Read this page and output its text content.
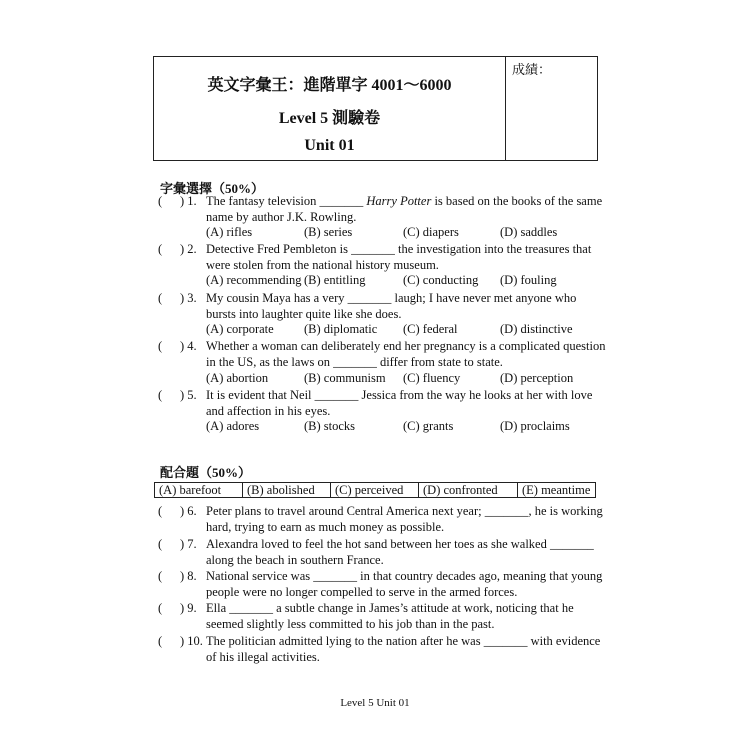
英文字彙王：進階單字 4001～6000
Level 5 測驗卷
Unit 01
成績：
字彙選擇（50%）
( ) 1. The fantasy television _______ Harry Potter is based on the books of the same name by author J.K. Rowling.
(A) rifles	(B) series	(C) diapers	(D) saddles
( ) 2. Detective Fred Pembleton is _______ the investigation into the treasures that were stolen from the national history museum.
(A) recommending (B) entitling	(C) conducting (D) fouling
( ) 3. My cousin Maya has a very _______ laugh; I have never met anyone who bursts into laughter quite like she does.
(A) corporate (B) diplomatic (C) federal	(D) distinctive
( ) 4. Whether a woman can deliberately end her pregnancy is a complicated question in the US, as the laws on _______ differ from state to state.
(A) abortion	(B) communism (C) fluency	(D) perception
( ) 5. It is evident that Neil _______ Jessica from the way he looks at her with love and affection in his eyes.
(A) adores	(B) stocks	(C) grants	(D) proclaims
配合題（50%）
(A) barefoot	(B) abolished	(C) perceived	(D) confronted	(E) meantime
( ) 6. Peter plans to travel around Central America next year; _______, he is working hard, trying to earn as much money as possible.
( ) 7. Alexandra loved to feel the hot sand between her toes as she walked _______ along the beach in southern France.
( ) 8. National service was _______ in that country decades ago, meaning that young people were no longer compelled to serve in the armed forces.
( ) 9. Ella _______ a subtle change in James’s attitude at work, noticing that he seemed slightly less committed to his job than in the past.
( ) 10. The politician admitted lying to the nation after he was _______ with evidence of his illegal activities.
Level 5 Unit 01
